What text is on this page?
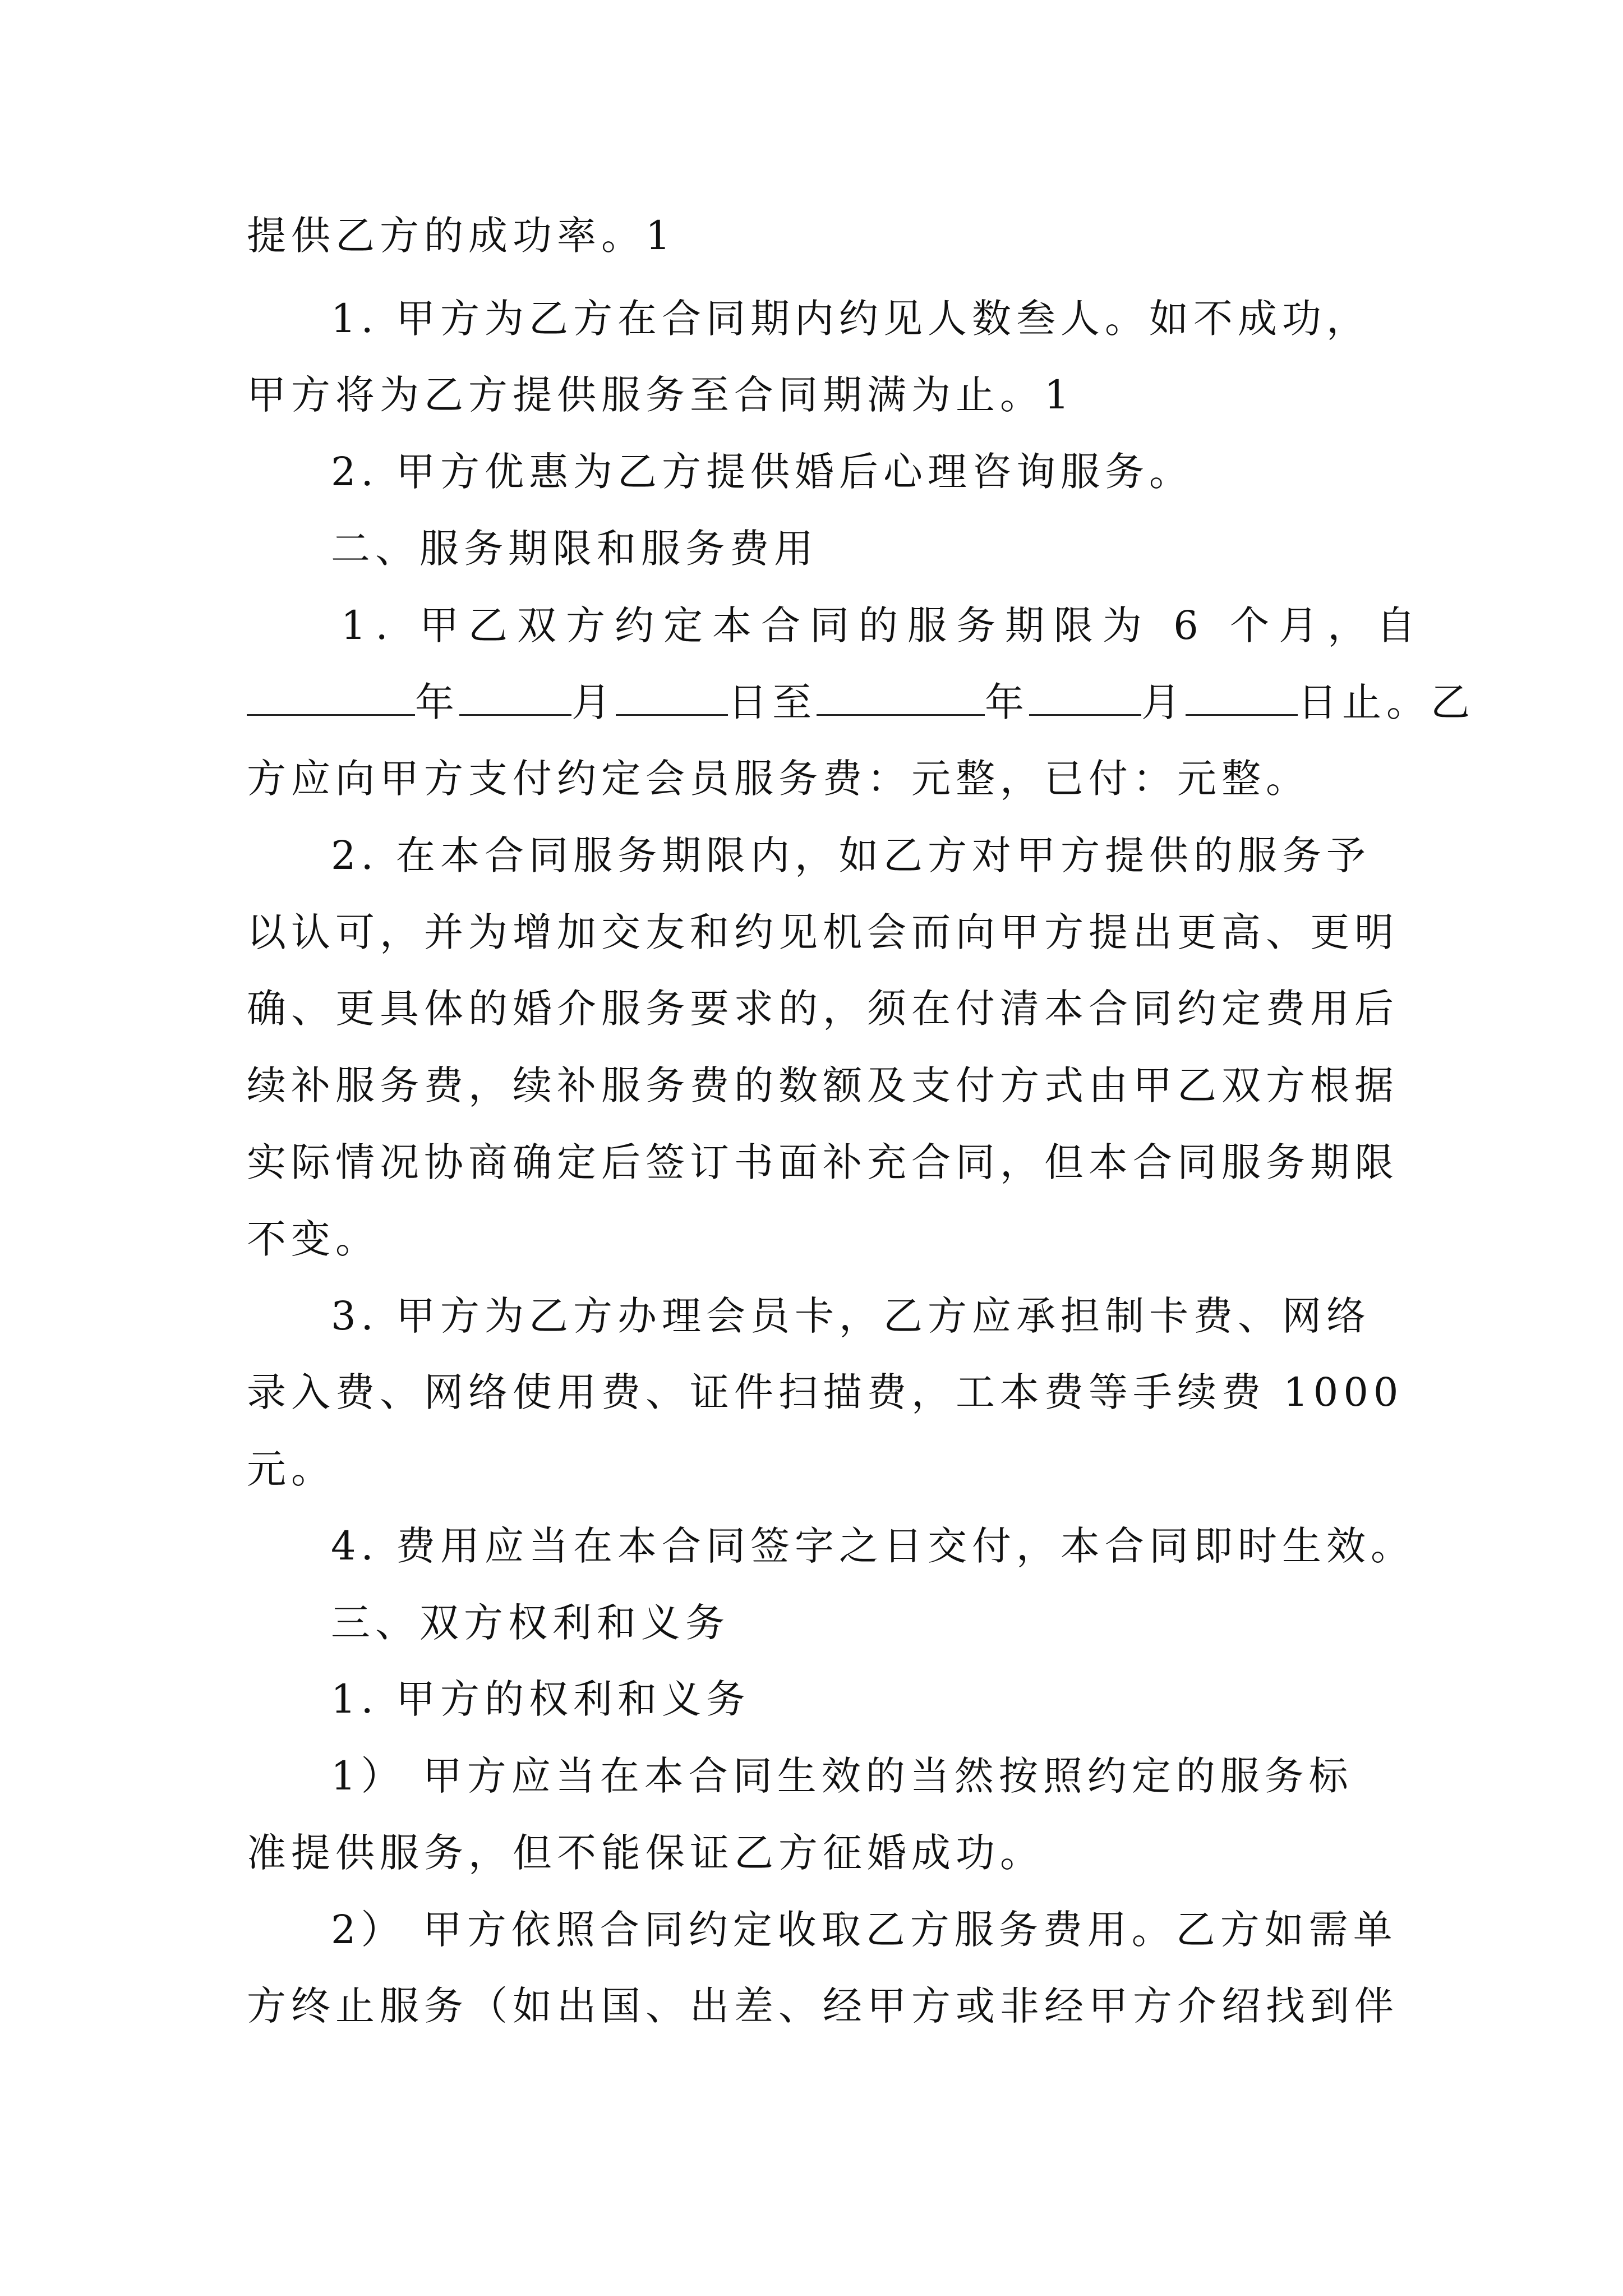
提供乙方的成功率。1
1. 甲方为乙方在合同期内约见人数叁人。如不成功，
甲方将为乙方提供服务至合同期满为止。1
2. 甲方优惠为乙方提供婚后心理咨询服务。
二、服务期限和服务费用
1. 甲乙双方约定本合同的服务期限为 6 个月，自
年	月	日至	年	月	日止。乙
方应向甲方支付约定会员服务费：元整，已付：元整。
2. 在本合同服务期限内，如乙方对甲方提供的服务予
以认可，并为增加交友和约见机会而向甲方提出更高、更明
确、更具体的婚介服务要求的，须在付清本合同约定费用后
续补服务费，续补服务费的数额及支付方式由甲乙双方根据
实际情况协商确定后签订书面补充合同，但本合同服务期限
不变。
3. 甲方为乙方办理会员卡，乙方应承担制卡费、网络
录入费、网络使用费、证件扫描费，工本费等手续费 1000
元。
4. 费用应当在本合同签字之日交付，本合同即时生效。
三、双方权利和义务
1. 甲方的权利和义务
1） 甲方应当在本合同生效的当然按照约定的服务标
准提供服务，但不能保证乙方征婚成功。
2） 甲方依照合同约定收取乙方服务费用。乙方如需单
方终止服务（如出国、出差、经甲方或非经甲方介绍找到伴
